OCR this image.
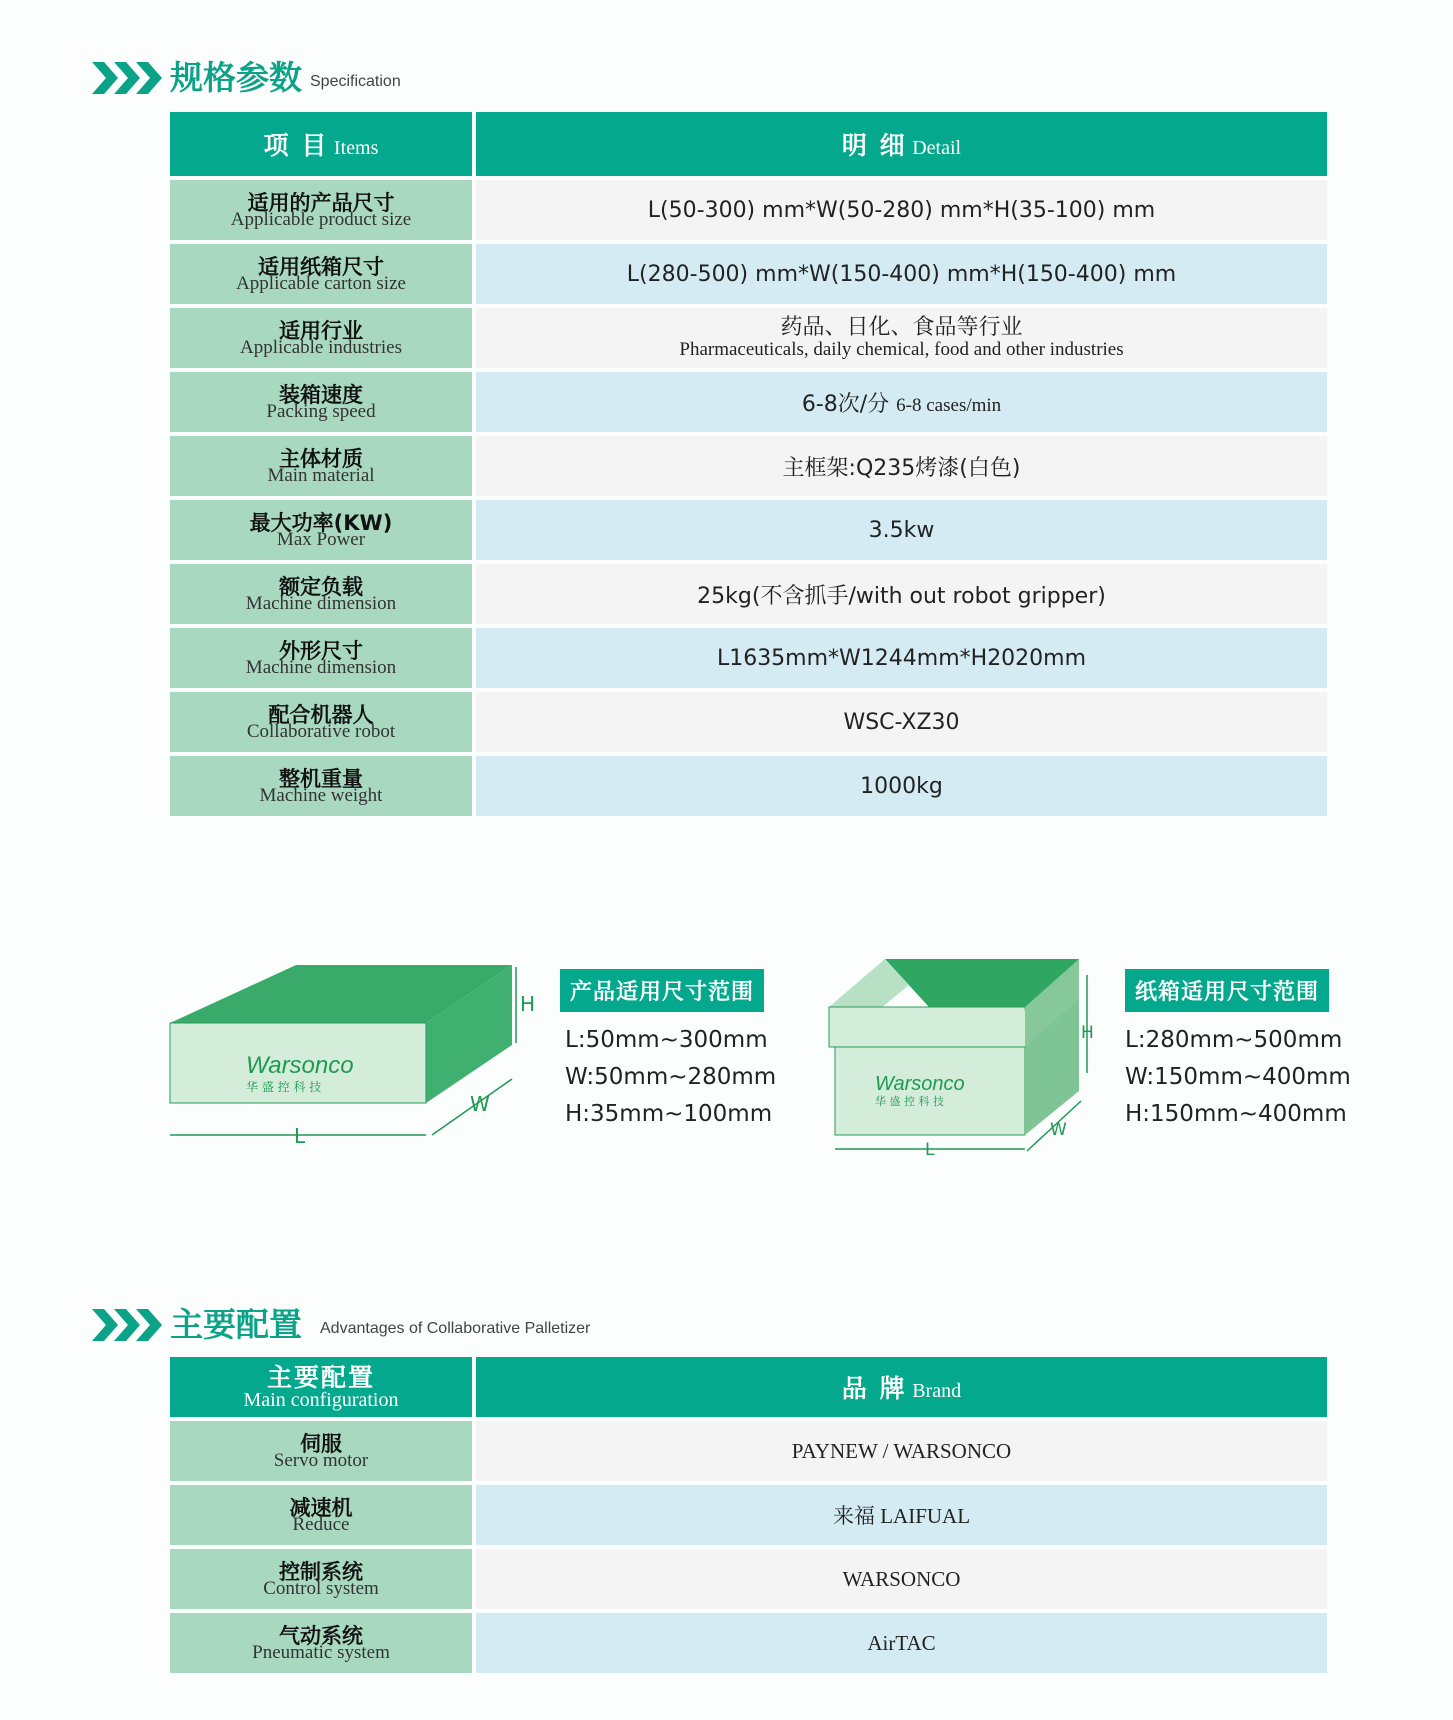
规格参数 Specification
项 目 Items	明 细 Detail

适用的产品尺寸
Applicable product size	L(50-300) mm*W(50-280) mm*H(35-100) mm

适用纸箱尺寸
Applicable carton size	L(280-500) mm*W(150-400) mm*H(150-400) mm

适用行业
Applicable industries	药品、日化、食品等行业
Pharmaceuticals, daily chemical, food and other industries

装箱速度
Packing speed	6-8次/分 6-8 cases/min

主体材质
Main material	主框架:Q235烤漆(白色)

最大功率(KW)
Max Power	3.5kw

额定负载
Machine dimension	25kg(不含抓手/with out robot gripper)

外形尺寸
Machine dimension	L1635mm*W1244mm*H2020mm

配合机器人
Collaborative robot	WSC-XZ30

整机重量
Machine weight	1000kg
Warsonco
华 盛 控 科 技
H
L
W
产品适用尺寸范围
L:50mm~300mm
W:50mm~280mm
H:35mm~100mm
Warsonco
华 盛 控 科 技
H
L
W
纸箱适用尺寸范围
L:280mm~500mm
W:150mm~400mm
H:150mm~400mm
主要配置 Advantages of Collaborative Palletizer
主要配置
Main configuration	品 牌 Brand

伺服
Servo motor	PAYNEW / WARSONCO

减速机
Reduce	来福 LAIFUAL

控制系统
Control system	WARSONCO

气动系统
Pneumatic system	AirTAC
